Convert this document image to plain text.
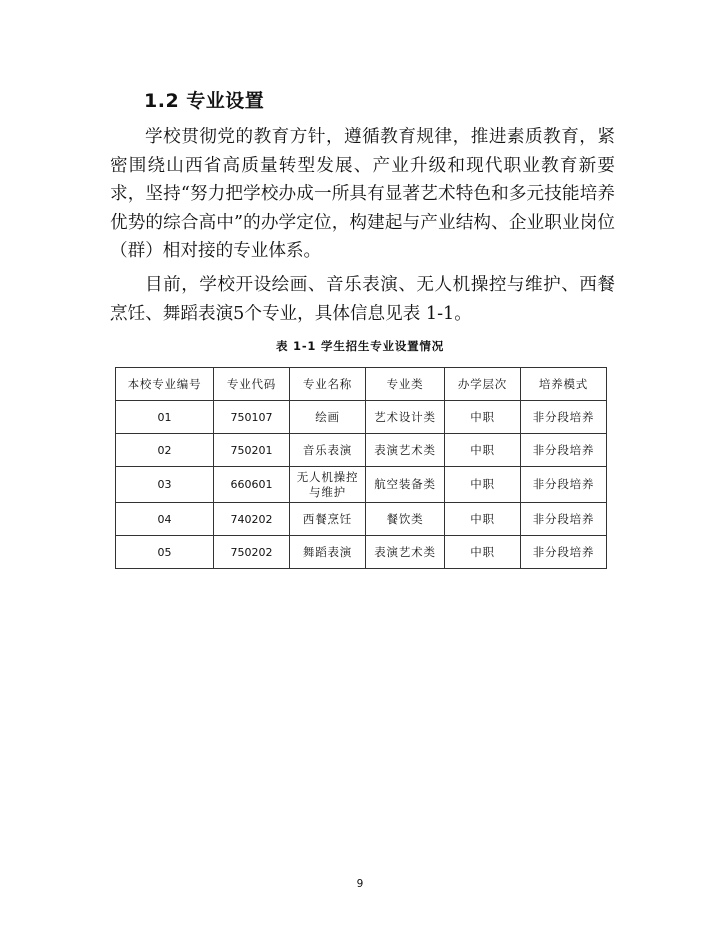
1.2 专业设置

学校贯彻党的教育方针，遵循教育规律，推进素质教育，紧密围绕山西省高质量转型发展、产业升级和现代职业教育新要求，坚持“努力把学校办成一所具有显著艺术特色和多元技能培养优势的综合高中”的办学定位，构建起与产业结构、企业职业岗位（群）相对接的专业体系。

目前，学校开设绘画、音乐表演、无人机操控与维护、西餐烹饪、舞蹈表演5个专业，具体信息见表 1-1。

表 1-1 学生招生专业设置情况
本校专业编号	专业代码	专业名称	专业类	办学层次	培养模式
01	750107	绘画	艺术设计类	中职	非分段培养
02	750201	音乐表演	表演艺术类	中职	非分段培养
03	660601	无人机操控与维护	航空装备类	中职	非分段培养
04	740202	西餐烹饪	餐饮类	中职	非分段培养
05	750202	舞蹈表演	表演艺术类	中职	非分段培养
9
